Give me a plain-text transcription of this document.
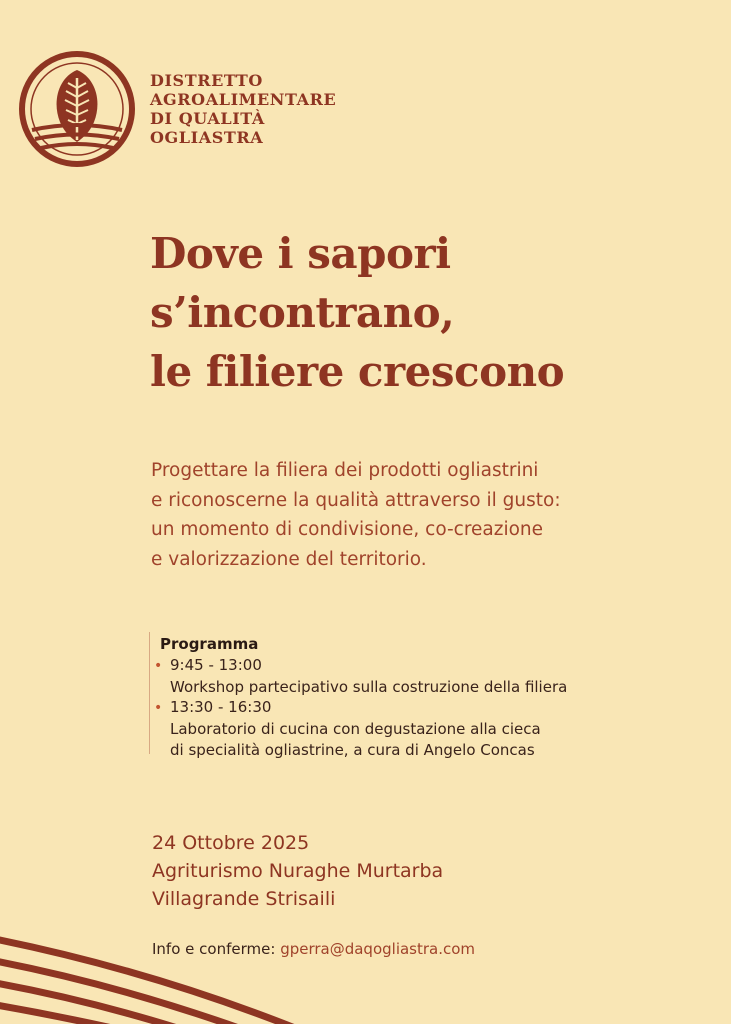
DISTRETTO
AGROALIMENTARE
DI QUALITÀ
OGLIASTRA
Dove i sapori
s’incontrano,
le filiere crescono

Progettare la filiera dei prodotti ogliastrini
e riconoscerne la qualità attraverso il gusto:
un momento di condivisione, co-creazione
e valorizzazione del territorio.

Programma
• 9:45 - 13:00
Workshop partecipativo sulla costruzione della filiera
• 13:30 - 16:30
Laboratorio di cucina con degustazione alla cieca
di specialità ogliastrine, a cura di Angelo Concas

24 Ottobre 2025
Agriturismo Nuraghe Murtarba
Villagrande Strisaili

Info e conferme: gperra@daqogliastra.com
